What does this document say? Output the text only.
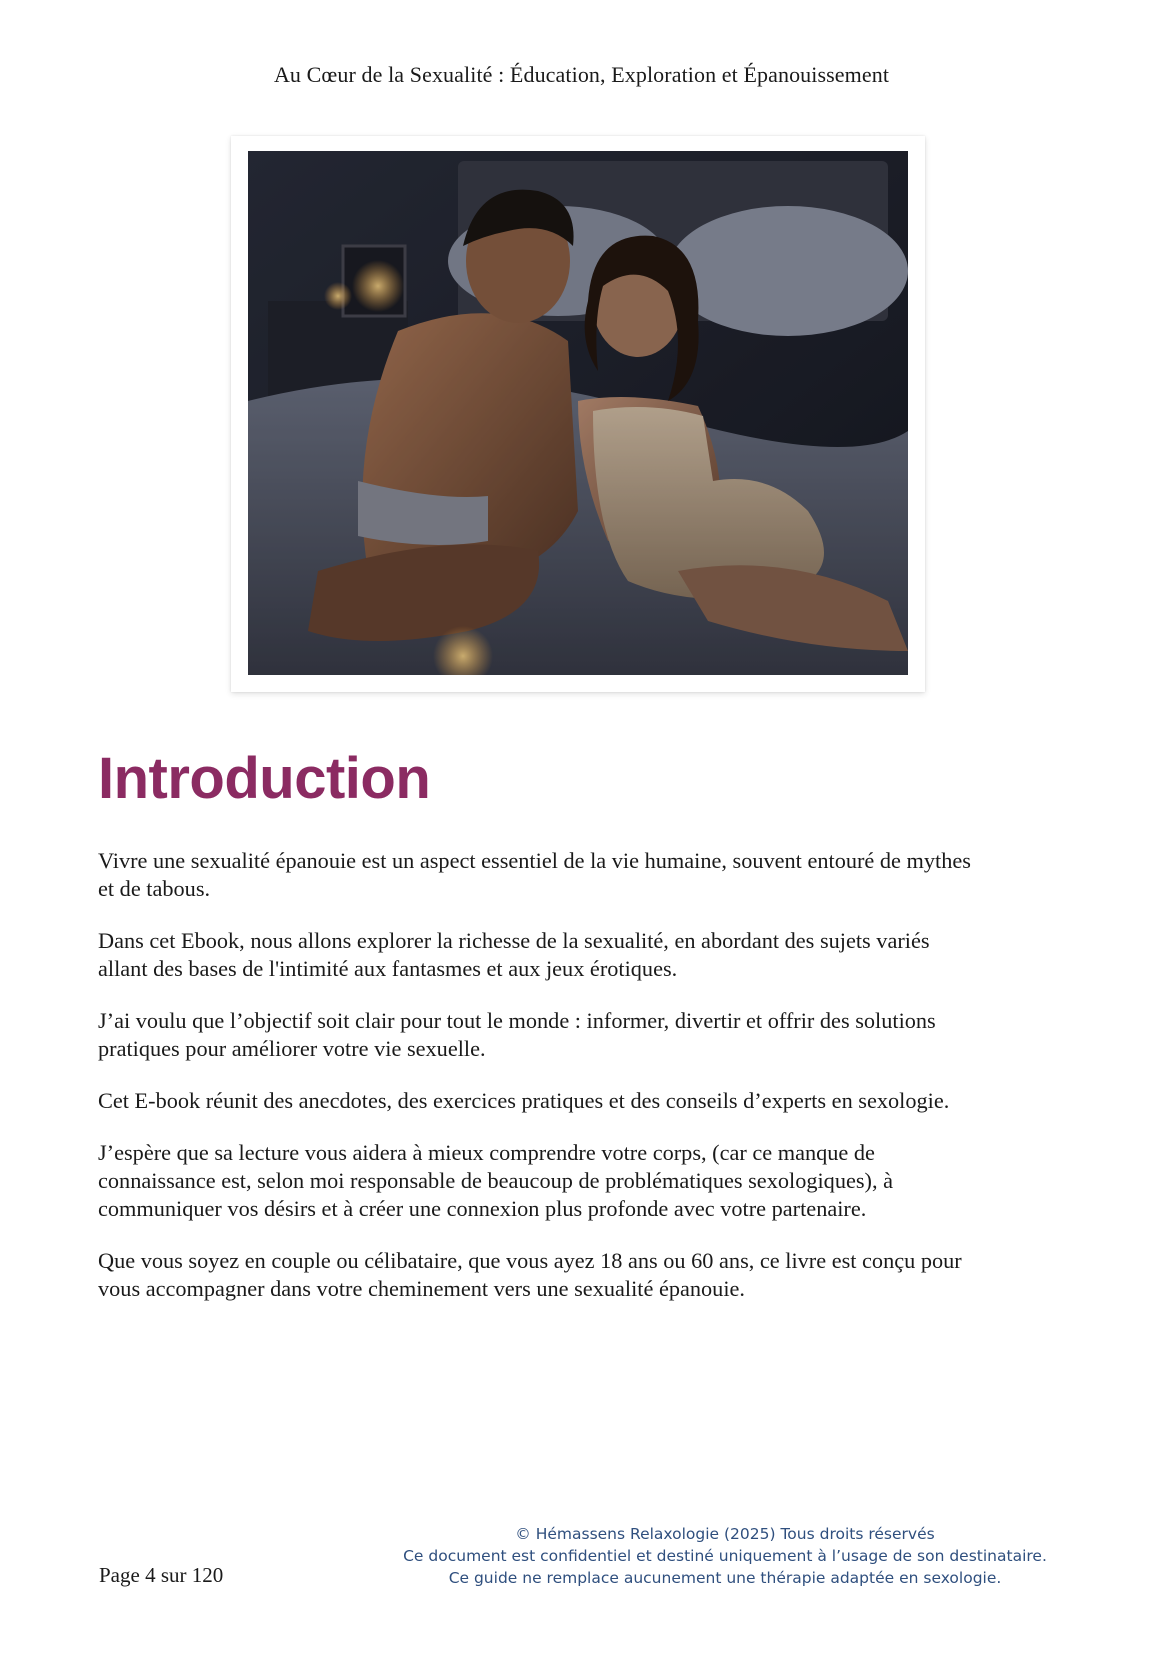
Au Cœur de la Sexualité : Éducation, Exploration et Épanouissement
Introduction

Vivre une sexualité épanouie est un aspect essentiel de la vie humaine, souvent entouré de mythes et de tabous.

Dans cet Ebook, nous allons explorer la richesse de la sexualité, en abordant des sujets variés allant des bases de l'intimité aux fantasmes et aux jeux érotiques.

J’ai voulu que l’objectif soit clair pour tout le monde : informer, divertir et offrir des solutions pratiques pour améliorer votre vie sexuelle.

Cet E-book réunit des anecdotes, des exercices pratiques et des conseils d’experts en sexologie.

J’espère que sa lecture vous aidera à mieux comprendre votre corps, (car ce manque de connaissance est, selon moi responsable de beaucoup de problématiques sexologiques), à communiquer vos désirs et à créer une connexion plus profonde avec votre partenaire.

Que vous soyez en couple ou célibataire, que vous ayez 18 ans ou 60 ans, ce livre est conçu pour vous accompagner dans votre cheminement vers une sexualité épanouie.

Page 4 sur 120
© Hémassens Relaxologie (2025) Tous droits réservés
Ce document est confidentiel et destiné uniquement à l’usage de son destinataire.
Ce guide ne remplace aucunement une thérapie adaptée en sexologie.
